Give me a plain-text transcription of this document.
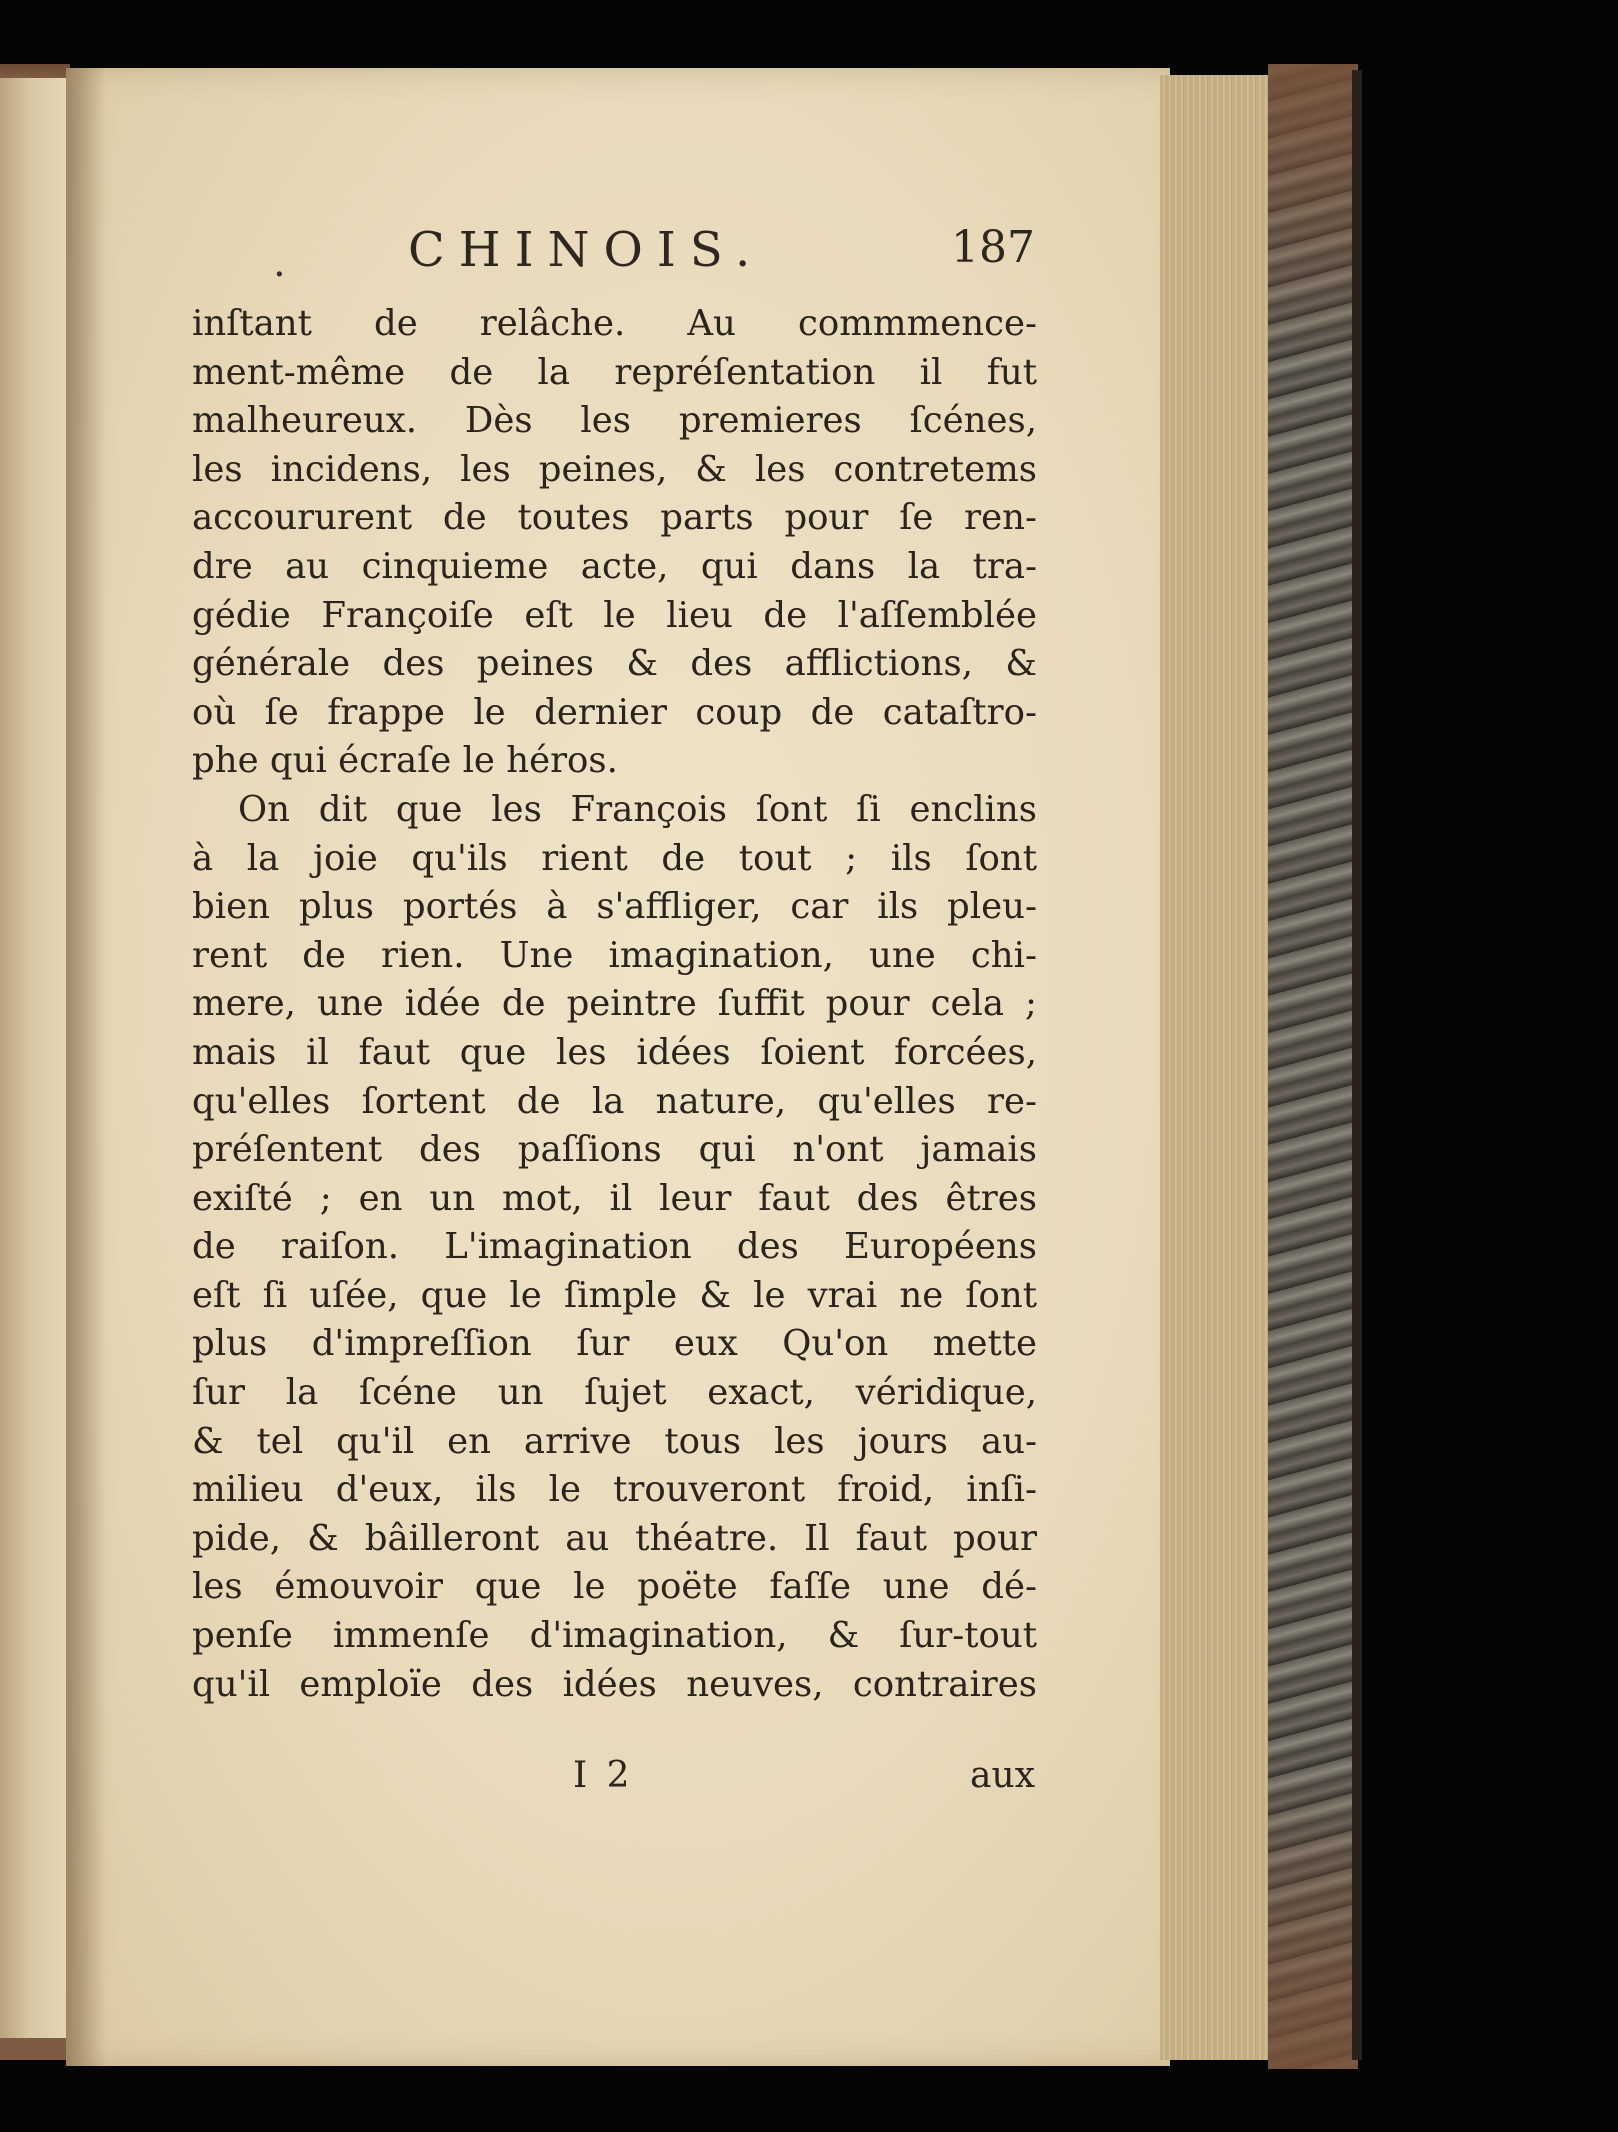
.	CHINOIS.	187
inſtant de relâche. Au commmence-
ment-même de la repréſentation il fut
malheureux. Dès les premieres ſcénes,
les incidens, les peines, & les contretems
accoururent de toutes parts pour ſe ren-
dre au cinquieme acte, qui dans la tra-
gédie Françoiſe eſt le lieu de l'aſſemblée
générale des peines & des afflictions, &
où ſe frappe le dernier coup de cataſtro-
phe qui écraſe le héros.
On dit que les François ſont ſi enclins
à la joie qu'ils rient de tout ; ils ſont
bien plus portés à s'affliger, car ils pleu-
rent de rien. Une imagination, une chi-
mere, une idée de peintre ſuffit pour cela ;
mais il faut que les idées ſoient forcées,
qu'elles ſortent de la nature, qu'elles re-
préſentent des paſſions qui n'ont jamais
exiſté ; en un mot, il leur faut des êtres
de raiſon. L'imagination des Européens
eſt ſi uſée, que le ſimple & le vrai ne ſont
plus d'impreſſion ſur eux Qu'on mette
ſur la ſcéne un ſujet exact, véridique,
& tel qu'il en arrive tous les jours au-
milieu d'eux, ils le trouveront froid, inſi-
pide, & bâilleront au théatre. Il faut pour
les émouvoir que le poëte faſſe une dé-
penſe immenſe d'imagination, & ſur-tout
qu'il emploïe des idées neuves, contraires
I 2	aux
